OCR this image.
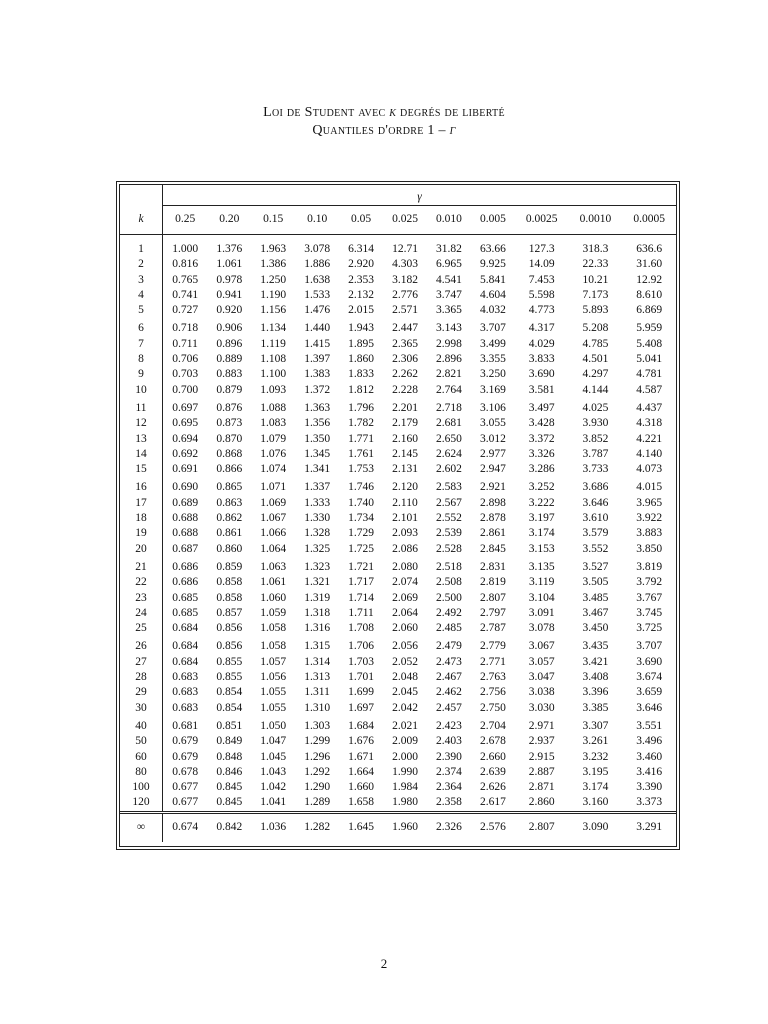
Loi de Student avec k degrés de liberté
Quantiles d'ordre 1 – γ
	γ										
k	0.25	0.20	0.15	0.10	0.05	0.025	0.010	0.005	0.0025	0.0010	0.0005
1	1.000	1.376	1.963	3.078	6.314	12.71	31.82	63.66	127.3	318.3	636.6
2	0.816	1.061	1.386	1.886	2.920	4.303	6.965	9.925	14.09	22.33	31.60
3	0.765	0.978	1.250	1.638	2.353	3.182	4.541	5.841	7.453	10.21	12.92
4	0.741	0.941	1.190	1.533	2.132	2.776	3.747	4.604	5.598	7.173	8.610
5	0.727	0.920	1.156	1.476	2.015	2.571	3.365	4.032	4.773	5.893	6.869
6	0.718	0.906	1.134	1.440	1.943	2.447	3.143	3.707	4.317	5.208	5.959
7	0.711	0.896	1.119	1.415	1.895	2.365	2.998	3.499	4.029	4.785	5.408
8	0.706	0.889	1.108	1.397	1.860	2.306	2.896	3.355	3.833	4.501	5.041
9	0.703	0.883	1.100	1.383	1.833	2.262	2.821	3.250	3.690	4.297	4.781
10	0.700	0.879	1.093	1.372	1.812	2.228	2.764	3.169	3.581	4.144	4.587
11	0.697	0.876	1.088	1.363	1.796	2.201	2.718	3.106	3.497	4.025	4.437
12	0.695	0.873	1.083	1.356	1.782	2.179	2.681	3.055	3.428	3.930	4.318
13	0.694	0.870	1.079	1.350	1.771	2.160	2.650	3.012	3.372	3.852	4.221
14	0.692	0.868	1.076	1.345	1.761	2.145	2.624	2.977	3.326	3.787	4.140
15	0.691	0.866	1.074	1.341	1.753	2.131	2.602	2.947	3.286	3.733	4.073
16	0.690	0.865	1.071	1.337	1.746	2.120	2.583	2.921	3.252	3.686	4.015
17	0.689	0.863	1.069	1.333	1.740	2.110	2.567	2.898	3.222	3.646	3.965
18	0.688	0.862	1.067	1.330	1.734	2.101	2.552	2.878	3.197	3.610	3.922
19	0.688	0.861	1.066	1.328	1.729	2.093	2.539	2.861	3.174	3.579	3.883
20	0.687	0.860	1.064	1.325	1.725	2.086	2.528	2.845	3.153	3.552	3.850
21	0.686	0.859	1.063	1.323	1.721	2.080	2.518	2.831	3.135	3.527	3.819
22	0.686	0.858	1.061	1.321	1.717	2.074	2.508	2.819	3.119	3.505	3.792
23	0.685	0.858	1.060	1.319	1.714	2.069	2.500	2.807	3.104	3.485	3.767
24	0.685	0.857	1.059	1.318	1.711	2.064	2.492	2.797	3.091	3.467	3.745
25	0.684	0.856	1.058	1.316	1.708	2.060	2.485	2.787	3.078	3.450	3.725
26	0.684	0.856	1.058	1.315	1.706	2.056	2.479	2.779	3.067	3.435	3.707
27	0.684	0.855	1.057	1.314	1.703	2.052	2.473	2.771	3.057	3.421	3.690
28	0.683	0.855	1.056	1.313	1.701	2.048	2.467	2.763	3.047	3.408	3.674
29	0.683	0.854	1.055	1.311	1.699	2.045	2.462	2.756	3.038	3.396	3.659
30	0.683	0.854	1.055	1.310	1.697	2.042	2.457	2.750	3.030	3.385	3.646
40	0.681	0.851	1.050	1.303	1.684	2.021	2.423	2.704	2.971	3.307	3.551
50	0.679	0.849	1.047	1.299	1.676	2.009	2.403	2.678	2.937	3.261	3.496
60	0.679	0.848	1.045	1.296	1.671	2.000	2.390	2.660	2.915	3.232	3.460
80	0.678	0.846	1.043	1.292	1.664	1.990	2.374	2.639	2.887	3.195	3.416
100	0.677	0.845	1.042	1.290	1.660	1.984	2.364	2.626	2.871	3.174	3.390
120	0.677	0.845	1.041	1.289	1.658	1.980	2.358	2.617	2.860	3.160	3.373
∞	0.674	0.842	1.036	1.282	1.645	1.960	2.326	2.576	2.807	3.090	3.291
2
